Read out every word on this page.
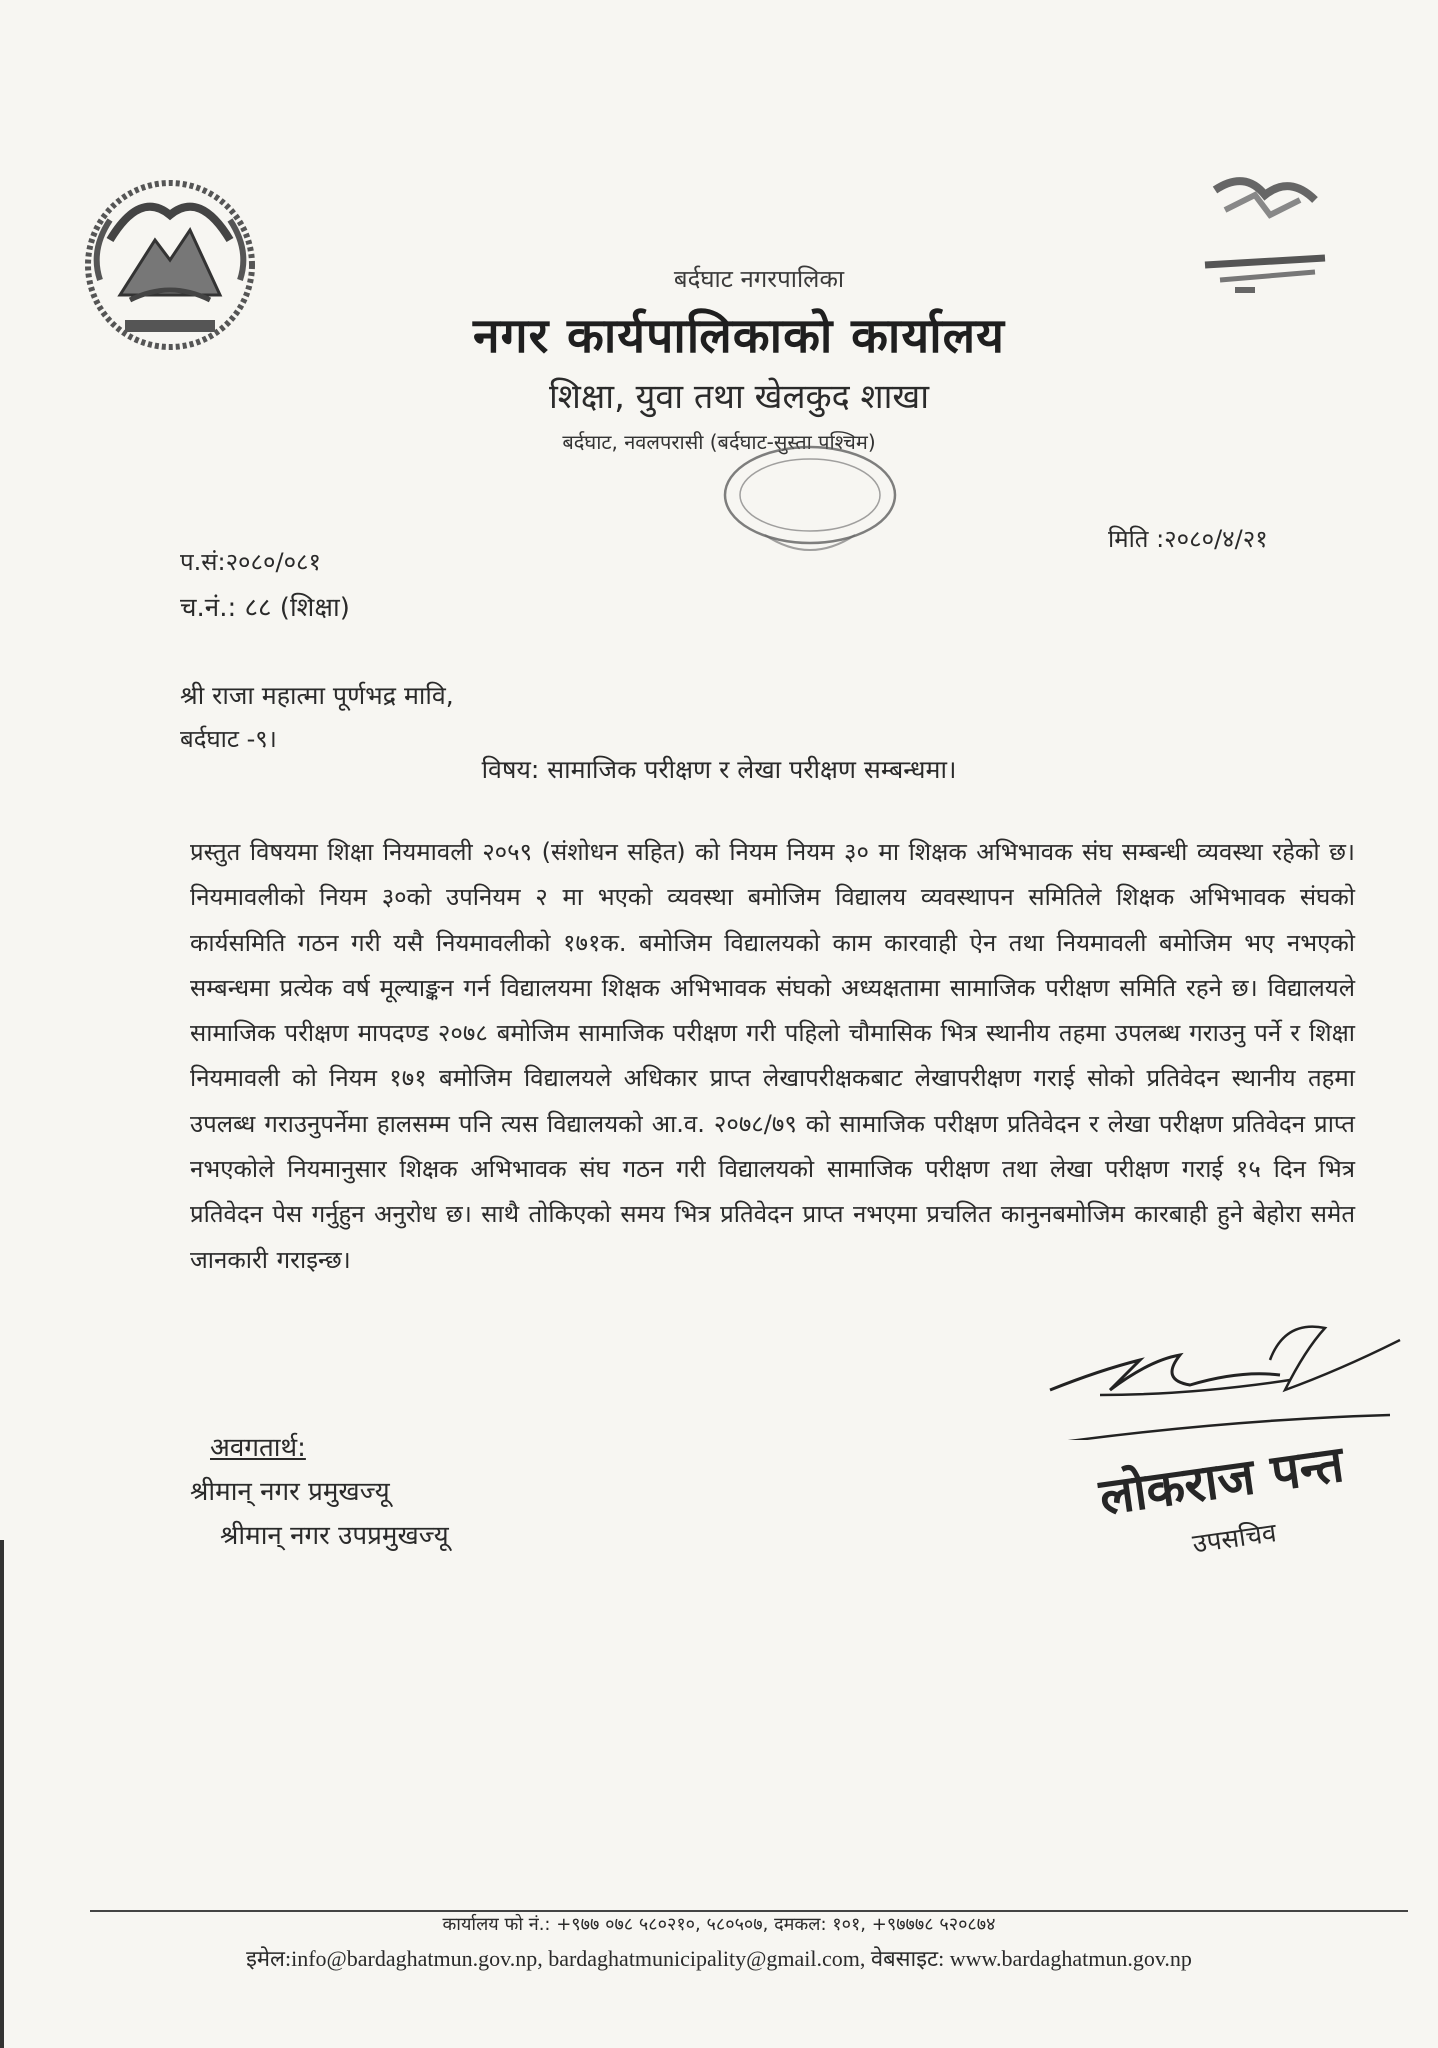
बर्दघाट नगरपालिका
नगर कार्यपालिकाको कार्यालय
शिक्षा, युवा तथा खेलकुद शाखा
बर्दघाट, नवलपरासी (बर्दघाट-सुस्ता पश्चिम)
प.सं:२०८०/०८१
च.नं.: ८८ (शिक्षा)
मिति :२०८०/४/२१
श्री राजा महात्मा पूर्णभद्र मावि,
बर्दघाट -९।
विषय: सामाजिक परीक्षण र लेखा परीक्षण सम्बन्धमा।
प्रस्तुत विषयमा शिक्षा नियमावली २०५९ (संशोधन सहित) को नियम नियम ३० मा शिक्षक अभिभावक संघ सम्बन्धी व्यवस्था रहेको छ। नियमावलीको नियम ३०को उपनियम २ मा भएको व्यवस्था बमोजिम विद्यालय व्यवस्थापन समितिले शिक्षक अभिभावक संघको कार्यसमिति गठन गरी यसै नियमावलीको १७१क. बमोजिम विद्यालयको काम कारवाही ऐन तथा नियमावली बमोजिम भए नभएको सम्बन्धमा प्रत्येक वर्ष मूल्याङ्कन गर्न विद्यालयमा शिक्षक अभिभावक संघको अध्यक्षतामा सामाजिक परीक्षण समिति रहने छ। विद्यालयले सामाजिक परीक्षण मापदण्ड २०७८ बमोजिम सामाजिक परीक्षण गरी पहिलो चौमासिक भित्र स्थानीय तहमा उपलब्ध गराउनु पर्ने र शिक्षा नियमावली को नियम १७१ बमोजिम विद्यालयले अधिकार प्राप्त लेखापरीक्षकबाट लेखापरीक्षण गराई सोको प्रतिवेदन स्थानीय तहमा उपलब्ध गराउनुपर्नेमा हालसम्म पनि त्यस विद्यालयको आ.व. २०७८/७९ को सामाजिक परीक्षण प्रतिवेदन र लेखा परीक्षण प्रतिवेदन प्राप्त नभएकोले नियमानुसार शिक्षक अभिभावक संघ गठन गरी विद्यालयको सामाजिक परीक्षण तथा लेखा परीक्षण गराई १५ दिन भित्र प्रतिवेदन पेस गर्नुहुन अनुरोध छ। साथै तोकिएको समय भित्र प्रतिवेदन प्राप्त नभएमा प्रचलित कानुनबमोजिम कारबाही हुने बेहोरा समेत जानकारी गराइन्छ।
लोकराज पन्त
उपसचिव
अवगतार्थ:
श्रीमान् नगर प्रमुखज्यू
श्रीमान् नगर उपप्रमुखज्यू
कार्यालय फो नं.: +९७७ ०७८ ५८०२१०, ५८०५०७, दमकल: १०१, +९७७७८ ५२०८७४
इमेल:info@bardaghatmun.gov.np, bardaghatmunicipality@gmail.com, वेबसाइट: www.bardaghatmun.gov.np
